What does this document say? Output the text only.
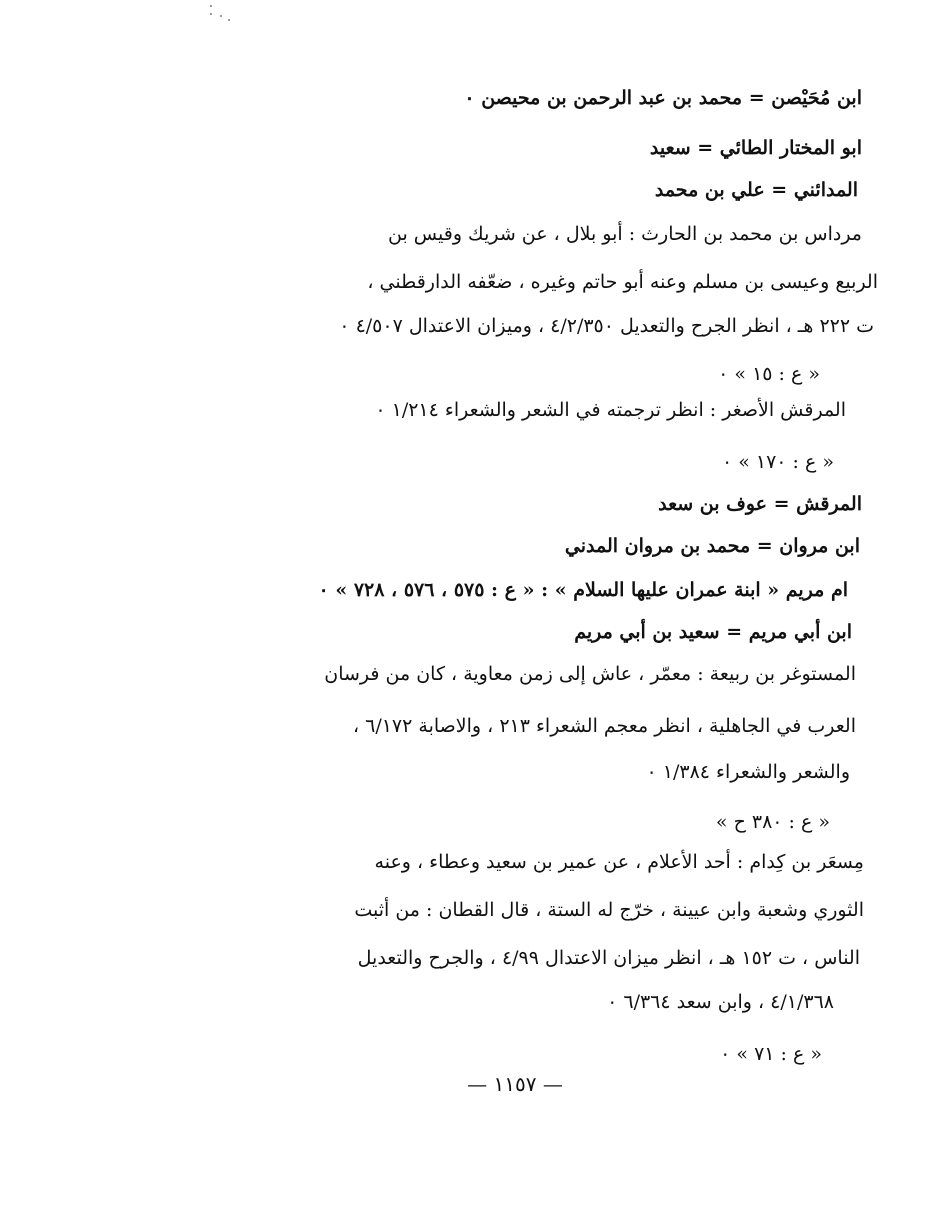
ابن مُحَيْصن = محمد بن عبد الرحمن بن محيصن ٠
ابو المختار الطائي = سعيد
المدائني = علي بن محمد
مرداس بن محمد بن الحارث : أبو بلال ، عن شريك وقيس بن
الربيع وعيسى بن مسلم وعنه أبو حاتم وغيره ، ضعّفه الدارقطني ،
ت ٢٢٢ هـ ، انظر الجرح والتعديل ٤/٢/٣٥٠ ، وميزان الاعتدال ٤/٥٠٧ ٠
« ع : ١٥ » ٠
المرقش الأصغر : انظر ترجمته في الشعر والشعراء ١/٢١٤ ٠
« ع : ١٧٠ » ٠
المرقش = عوف بن سعد
ابن مروان = محمد بن مروان المدني
ام مريم « ابنة عمران عليها السلام » : « ع : ٥٧٥ ، ٥٧٦ ، ٧٢٨ » ٠
ابن أبي مريم = سعيد بن أبي مريم
المستوغر بن ربيعة : معمّر ، عاش إلى زمن معاوية ، كان من فرسان
العرب في الجاهلية ، انظر معجم الشعراء ٢١٣ ، والاصابة ٦/١٧٢ ،
والشعر والشعراء ١/٣٨٤ ٠
« ع : ٣٨٠ ح »
مِسعَر بن كِدام : أحد الأعلام ، عن عمير بن سعيد وعطاء ، وعنه
الثوري وشعبة وابن عيينة ، خرّج له الستة ، قال القطان : من أثبت
الناس ، ت ١٥٢ هـ ، انظر ميزان الاعتدال ٤/٩٩ ، والجرح والتعديل
٤/١/٣٦٨ ، وابن سعد ٦/٣٦٤ ٠
« ع : ٧١ » ٠
— ١١٥٧ —
